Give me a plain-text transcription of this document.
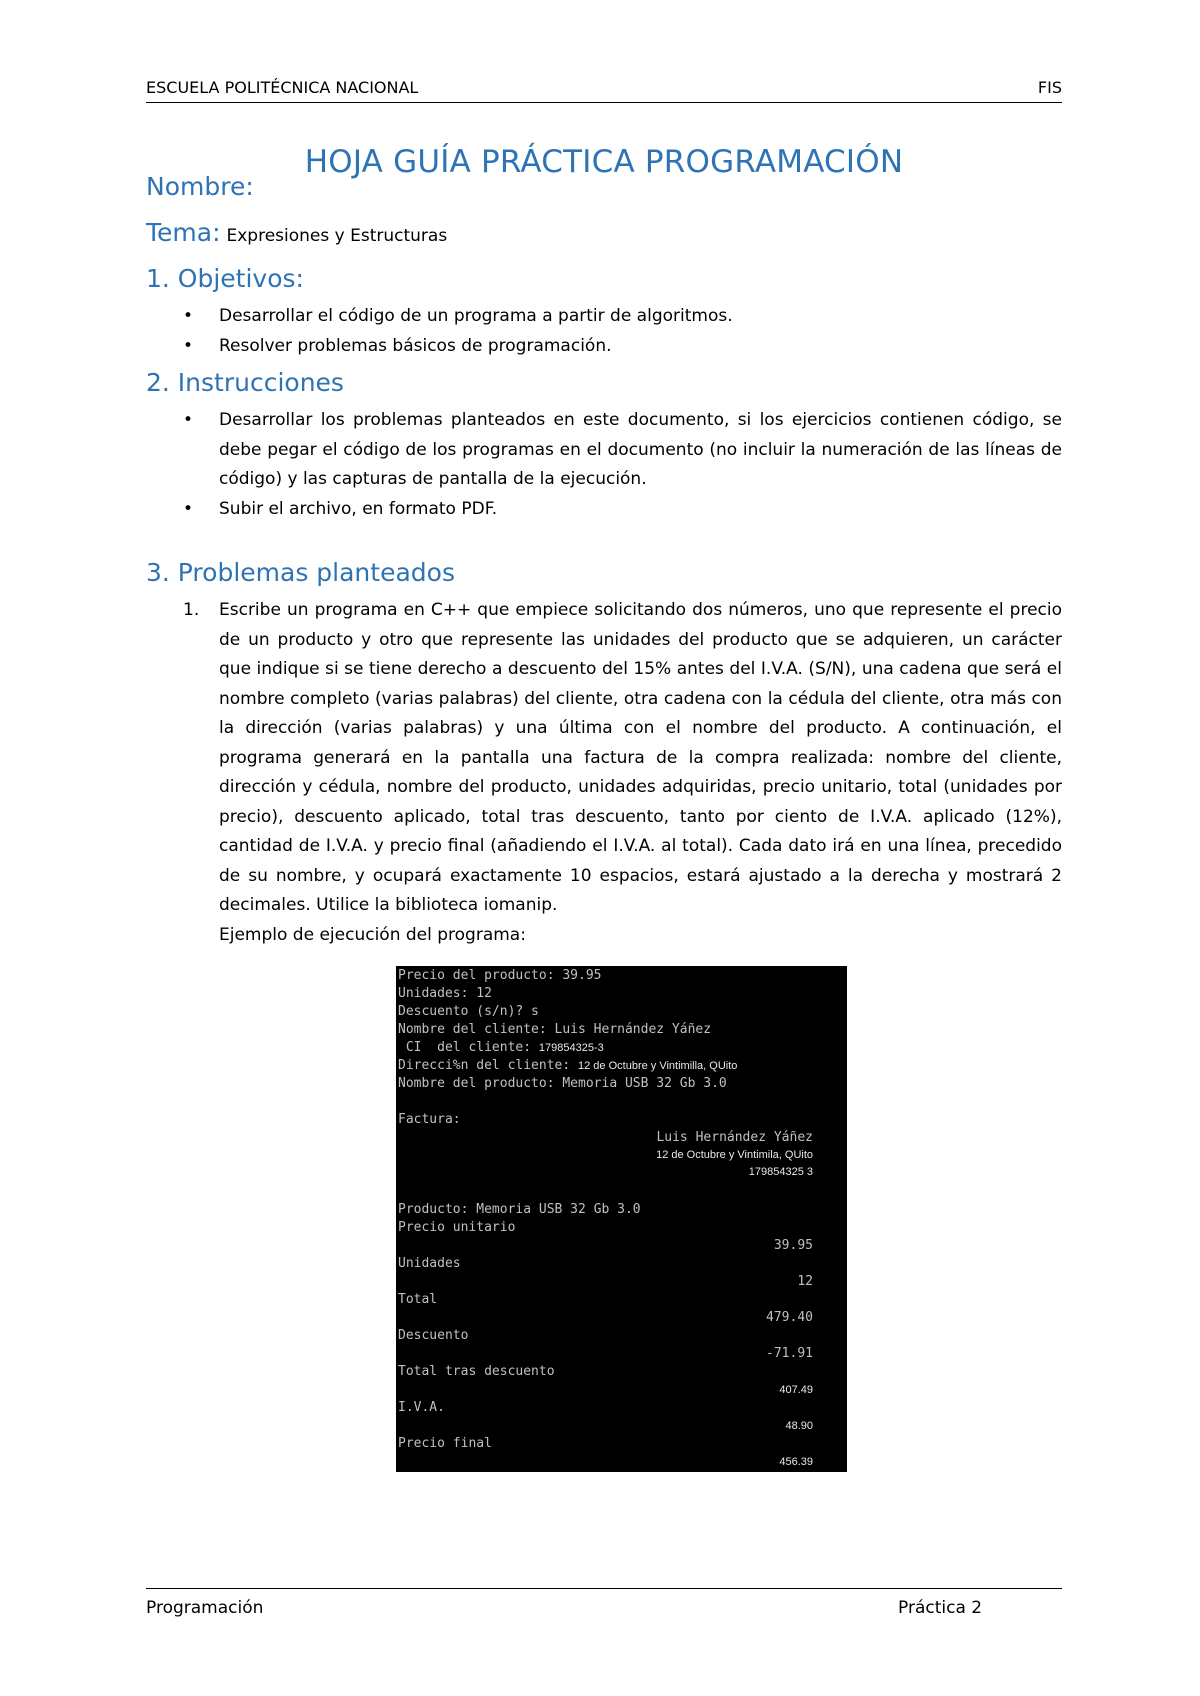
ESCUELA POLITÉCNICA NACIONAL	FIS
HOJA GUÍA PRÁCTICA PROGRAMACIÓN
Nombre:
Tema: Expresiones y Estructuras
1. Objetivos:
• Desarrollar el código de un programa a partir de algoritmos.
• Resolver problemas básicos de programación.
2. Instrucciones
• Desarrollar los problemas planteados en este documento, si los ejercicios contienen código, se debe pegar el código de los programas en el documento (no incluir la numeración de las líneas de código) y las capturas de pantalla de la ejecución.
• Subir el archivo, en formato PDF.
3. Problemas planteados
1. Escribe un programa en C++ que empiece solicitando dos números, uno que represente el precio de un producto y otro que represente las unidades del producto que se adquieren, un carácter que indique si se tiene derecho a descuento del 15% antes del I.V.A. (S/N), una cadena que será el nombre completo (varias palabras) del cliente, otra cadena con la cédula del cliente, otra más con la dirección (varias palabras) y una última con el nombre del producto. A continuación, el programa generará en la pantalla una factura de la compra realizada: nombre del cliente, dirección y cédula, nombre del producto, unidades adquiridas, precio unitario, total (unidades por precio), descuento aplicado, total tras descuento, tanto por ciento de I.V.A. aplicado (12%), cantidad de I.V.A. y precio final (añadiendo el I.V.A. al total). Cada dato irá en una línea, precedido de su nombre, y ocupará exactamente 10 espacios, estará ajustado a la derecha y mostrará 2 decimales. Utilice la biblioteca iomanip.
Ejemplo de ejecución del programa:
Precio del producto: 39.95
Unidades: 12
Descuento (s/n)? s
Nombre del cliente: Luis Hernández Yáñez
CI  del cliente: 179854325-3
Direcci%n del cliente: 12 de Octubre y Vintimilla, QUito
Nombre del producto: Memoria USB 32 Gb 3.0
Factura:
Luis Hernández Yáñez
12 de Octubre y Vintimila, QUito
179854325 3
Producto: Memoria USB 32 Gb 3.0
Precio unitario
39.95
Unidades
12
Total
479.40
Descuento
-71.91
Total tras descuento
407.49
I.V.A.
48.90
Precio final
456.39
Programación	Práctica 2
